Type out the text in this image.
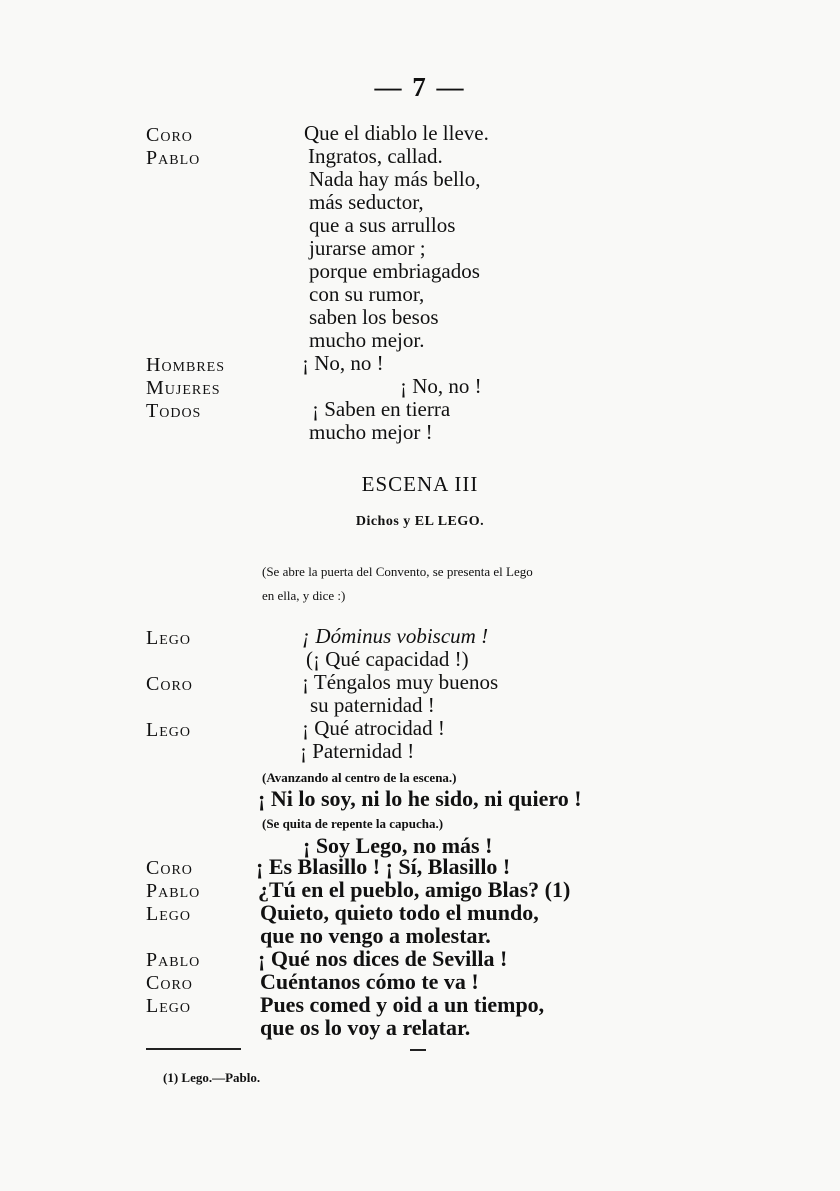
— 7 —
Coro
Pablo
Hombres
Mujeres
Todos
Que el diablo le lleve.
Ingratos, callad.
Nada hay más bello,
más seductor,
que a sus arrullos
jurarse amor ;
porque embriagados
con su rumor,
saben los besos
mucho mejor.
¡ No, no !
¡ No, no !
¡ Saben en tierra
mucho mejor !
ESCENA III
Dichos y EL LEGO.
(Se abre la puerta del Convento, se presenta el Lego
en ella, y dice :)
Lego
Coro
Lego
Coro
Pablo
Lego
Pablo
Coro
Lego
¡ Dóminus vobiscum !
(¡ Qué capacidad !)
¡ Téngalos muy buenos
su paternidad !
¡ Qué atrocidad !
¡ Paternidad !
(Avanzando al centro de la escena.)
¡ Ni lo soy, ni lo he sido, ni quiero !
(Se quita de repente la capucha.)
¡ Soy Lego, no más !
¡ Es Blasillo ! ¡ Sí, Blasillo !
¿Tú en el pueblo, amigo Blas? (1)
Quieto, quieto todo el mundo,
que no vengo a molestar.
¡ Qué nos dices de Sevilla !
Cuéntanos cómo te va !
Pues comed y oid a un tiempo,
que os lo voy a relatar.
(1) Lego.—Pablo.
